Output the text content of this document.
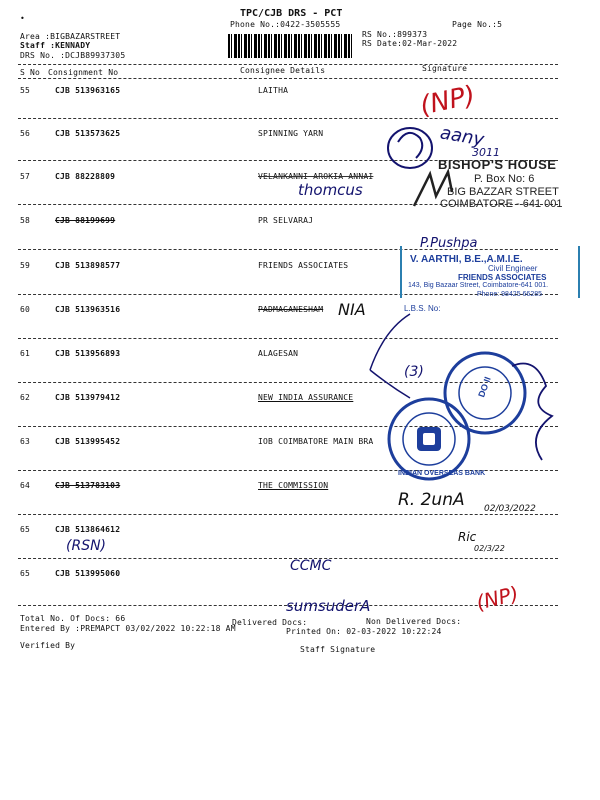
•	TPC/CJB DRS - PCT
Phone No.:0422-3505555	Page No.:5
Area :BIGBAZARSTREET
Staff :KENNADY
DRS No. :DCJB89937305
RS No.:899373
RS Date:02-Mar-2022
S No Consignment No	Consignee Details	Signature
55	CJB 513963165	LAITHA
56	CJB 513573625	SPINNING YARN
57	CJB 88228809	VELANKANNI AROKIA ANNAI
58	CJB 88199699	PR SELVARAJ
59	CJB 513898577	FRIENDS ASSOCIATES
60	CJB 513963516	PADMAGANESHAM
61	CJB 513956893	ALAGESAN
62	CJB 513979412	NEW INDIA ASSURANCE
63	CJB 513995452	IOB COIMBATORE MAIN BRA
64	CJB 513783103	THE COMMISSION
65	CJB 513864612
65	CJB 513995060
Total No. Of Docs: 66	Delivered Docs:	Non Delivered Docs:
Entered By :PREMAPCT 03/02/2022 10:22:18 AM	Printed On: 02-03-2022 10:22:24
Verified By	Staff Signature
(NP)
aany
3011
BISHOP'S HOUSE
P. Box No: 6
BIG BAZZAR STREET
COIMBATORE - 641 001
thomcus
P.Pushpa
V. AARTHI, B.E.,A.M.I.E.
Civil Engineer
FRIENDS ASSOCIATES
143, Big Bazaar Street, Coimbatore-641 001.
Phone: 98425 66285
NIA	L.B.S. No:
(3)
DO II
INDIAN OVERSEAS BANK
R. 2unA 02/03/2022
(RSN)
CCMC
Ric
02/3/22
sumsuderA	(NP)
